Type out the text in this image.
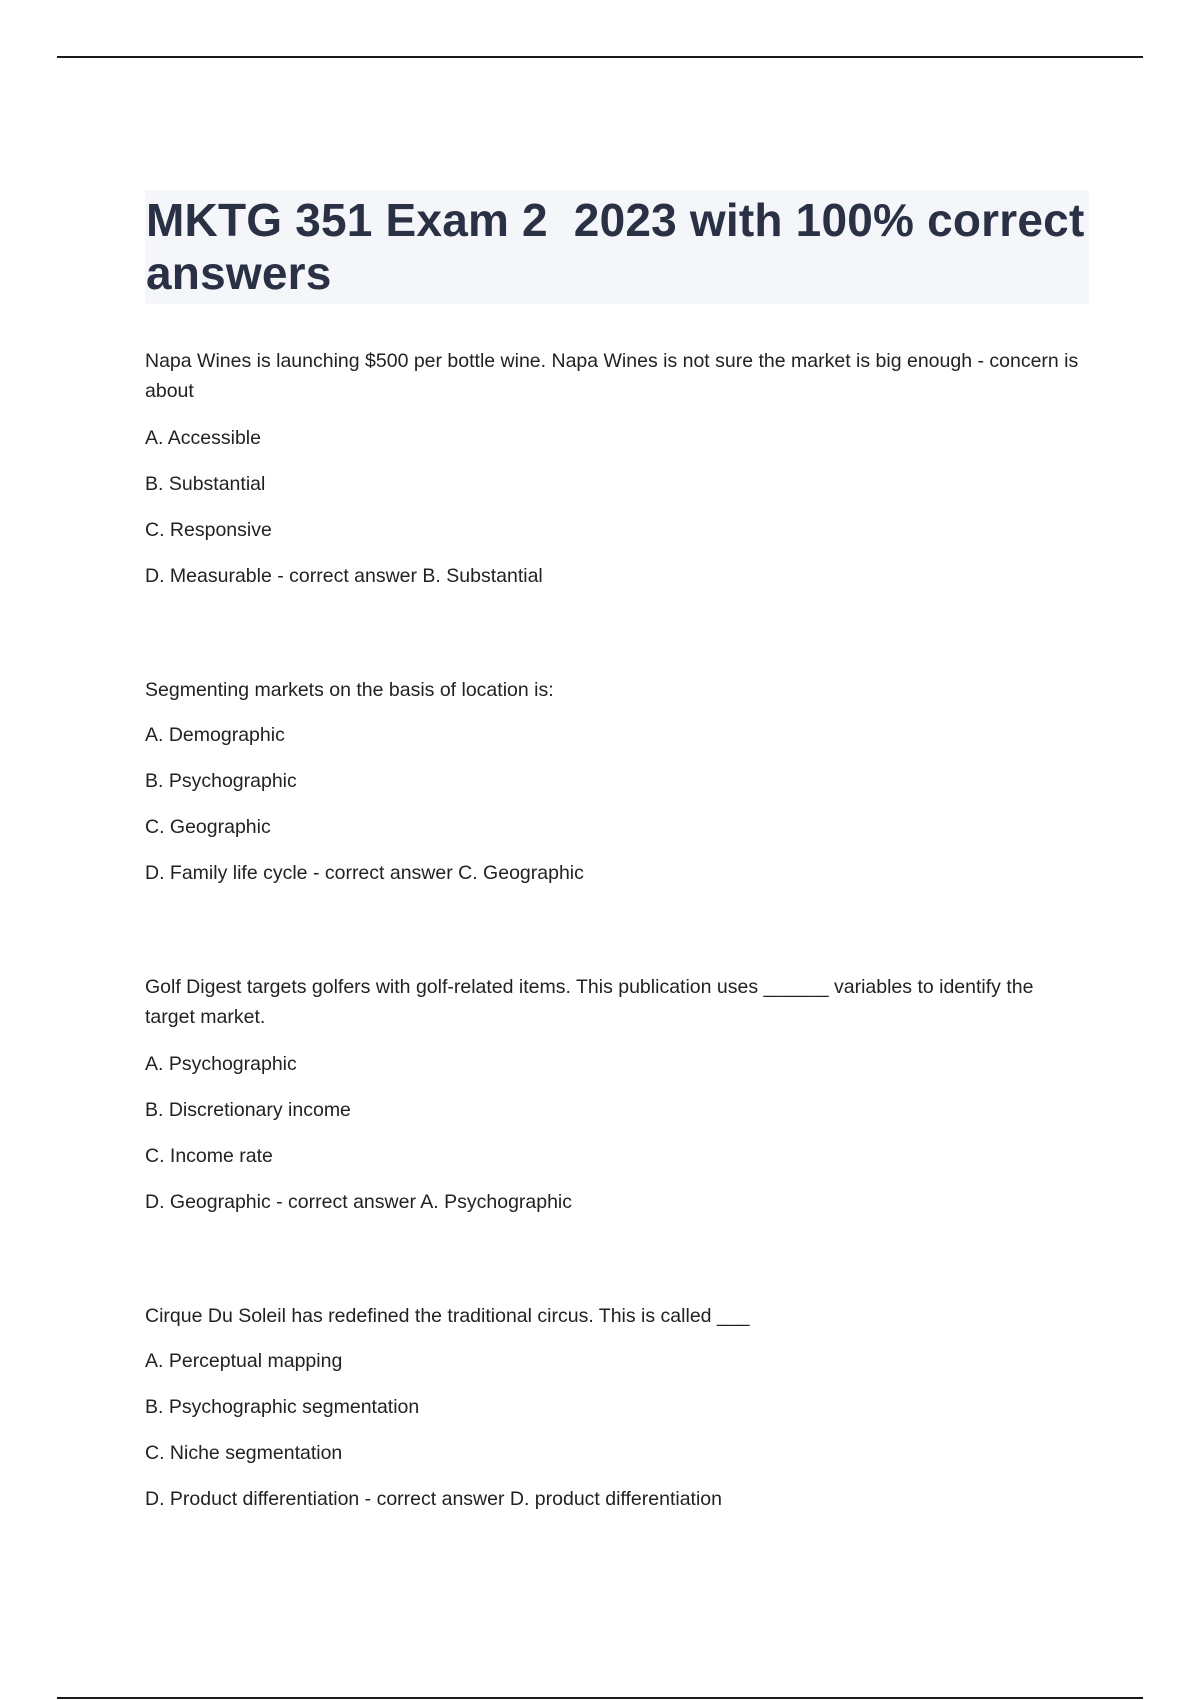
MKTG 351 Exam 2  2023 with 100% correct answers

Napa Wines is launching $500 per bottle wine. Napa Wines is not sure the market is big enough - concern is about

A. Accessible

B. Substantial

C. Responsive

D. Measurable - correct answer B. Substantial

Segmenting markets on the basis of location is:

A. Demographic

B. Psychographic

C. Geographic

D. Family life cycle - correct answer C. Geographic

Golf Digest targets golfers with golf-related items. This publication uses ______ variables to identify the target market.

A. Psychographic

B. Discretionary income

C. Income rate

D. Geographic - correct answer A. Psychographic

Cirque Du Soleil has redefined the traditional circus. This is called ___

A. Perceptual mapping

B. Psychographic segmentation

C. Niche segmentation

D. Product differentiation - correct answer D. product differentiation
